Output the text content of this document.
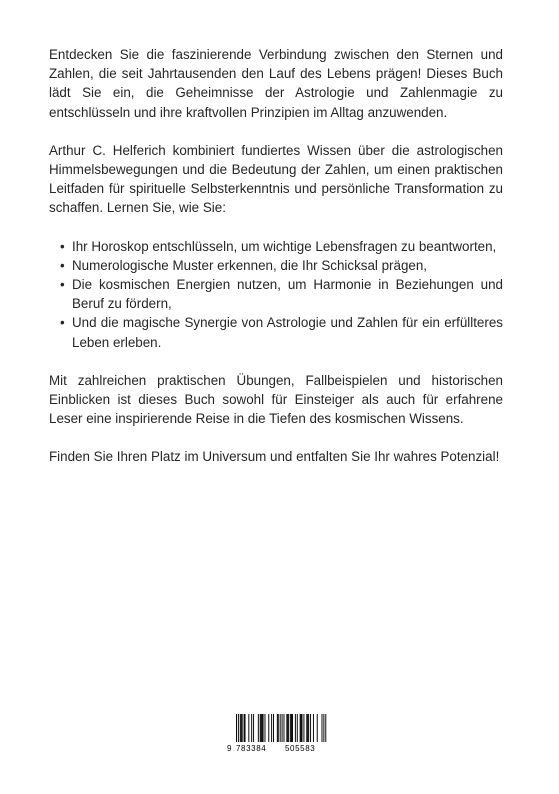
Entdecken Sie die faszinierende Verbindung zwischen den Sternen und Zahlen, die seit Jahrtausenden den Lauf des Lebens prägen! Dieses Buch lädt Sie ein, die Geheimnisse der Astrologie und Zahlenmagie zu entschlüsseln und ihre kraftvollen Prinzipien im Alltag anzuwenden.

Arthur C. Helferich kombiniert fundiertes Wissen über die astrologischen Himmelsbewegungen und die Bedeutung der Zahlen, um einen praktischen Leitfaden für spirituelle Selbsterkenntnis und persönliche Transformation zu schaffen. Lernen Sie, wie Sie:

• Ihr Horoskop entschlüsseln, um wichtige Lebensfragen zu beantworten,
• Numerologische Muster erkennen, die Ihr Schicksal prägen,
• Die kosmischen Energien nutzen, um Harmonie in Beziehungen und Beruf zu fördern,
• Und die magische Synergie von Astrologie und Zahlen für ein erfüllteres Leben erleben.

Mit zahlreichen praktischen Übungen, Fallbeispielen und historischen Einblicken ist dieses Buch sowohl für Einsteiger als auch für erfahrene Leser eine inspirierende Reise in die Tiefen des kosmischen Wissens.

Finden Sie Ihren Platz im Universum und entfalten Sie Ihr wahres Potenzial!

9 783384 505583
